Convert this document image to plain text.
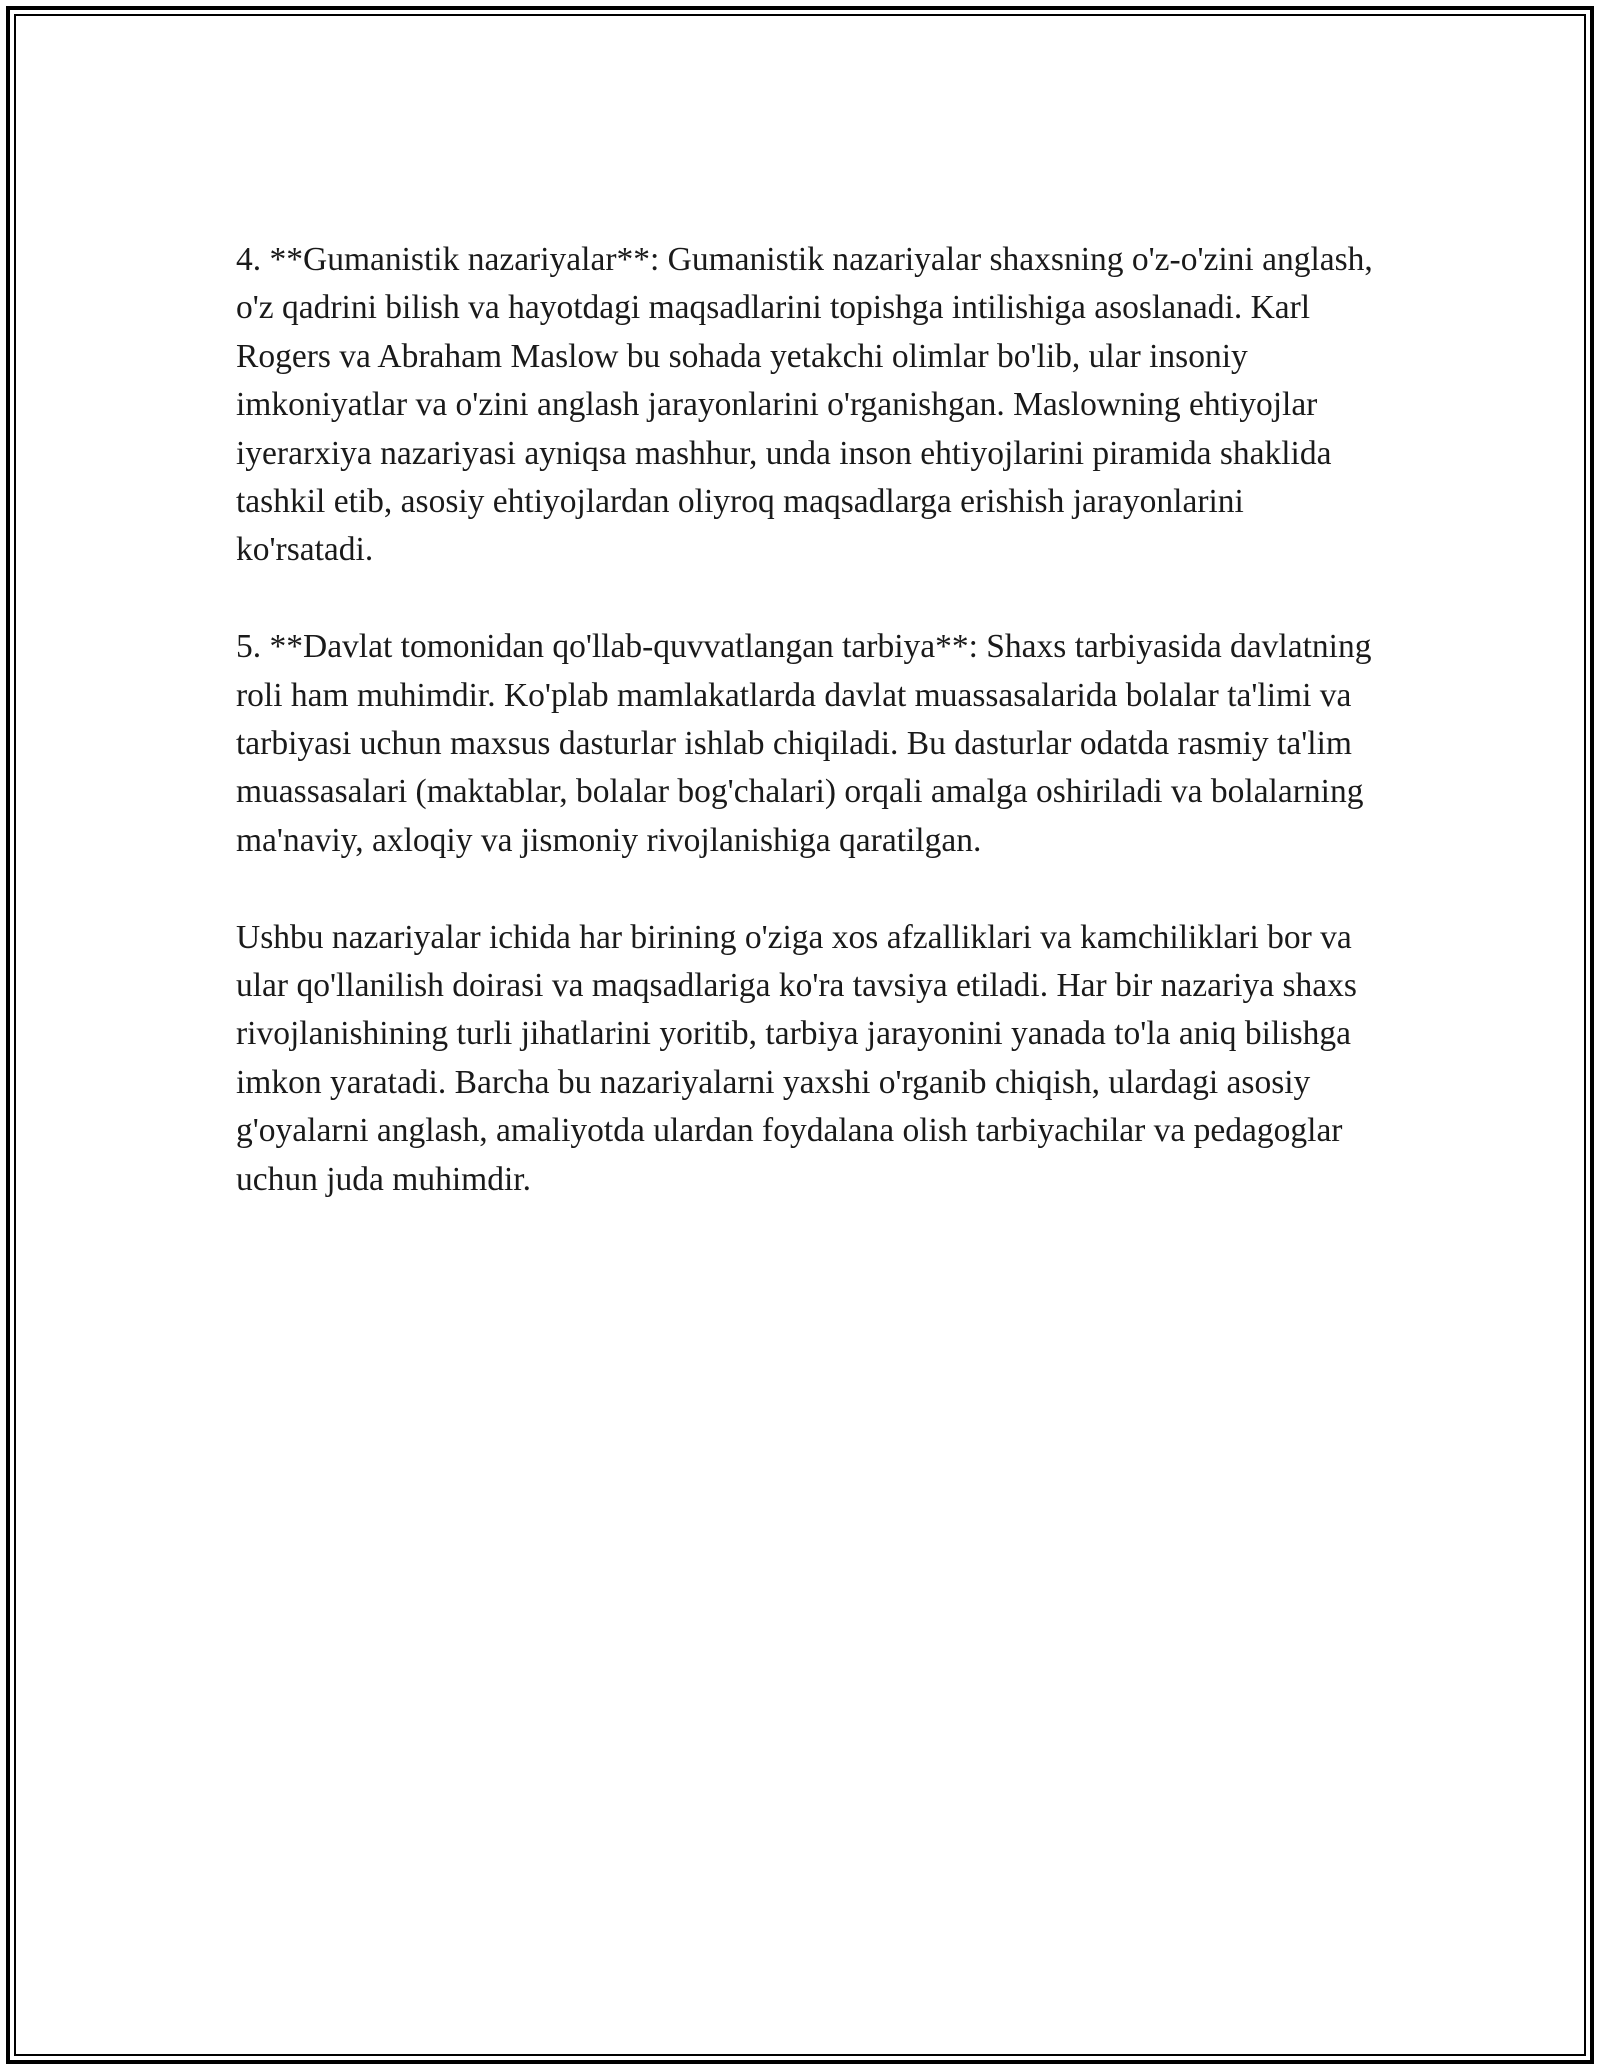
4. **Gumanistik nazariyalar**: Gumanistik nazariyalar shaxsning o'z-o'zini anglash, o'z qadrini bilish va hayotdagi maqsadlarini topishga intilishiga asoslanadi. Karl Rogers va Abraham Maslow bu sohada yetakchi olimlar bo'lib, ular insoniy imkoniyatlar va o'zini anglash jarayonlarini o'rganishgan. Maslowning ehtiyojlar iyerarxiya nazariyasi ayniqsa mashhur, unda inson ehtiyojlarini piramida shaklida tashkil etib, asosiy ehtiyojlardan oliyroq maqsadlarga erishish jarayonlarini ko'rsatadi.

5. **Davlat tomonidan qo'llab-quvvatlangan tarbiya**: Shaxs tarbiyasida davlatning roli ham muhimdir. Ko'plab mamlakatlarda davlat muassasalarida bolalar ta'limi va tarbiyasi uchun maxsus dasturlar ishlab chiqiladi. Bu dasturlar odatda rasmiy ta'lim muassasalari (maktablar, bolalar bog'chalari) orqali amalga oshiriladi va bolalarning ma'naviy, axloqiy va jismoniy rivojlanishiga qaratilgan.

Ushbu nazariyalar ichida har birining o'ziga xos afzalliklari va kamchiliklari bor va ular qo'llanilish doirasi va maqsadlariga ko'ra tavsiya etiladi. Har bir nazariya shaxs rivojlanishining turli jihatlarini yoritib, tarbiya jarayonini yanada to'la aniq bilishga imkon yaratadi. Barcha bu nazariyalarni yaxshi o'rganib chiqish, ulardagi asosiy g'oyalarni anglash, amaliyotda ulardan foydalana olish tarbiyachilar va pedagoglar uchun juda muhimdir.
